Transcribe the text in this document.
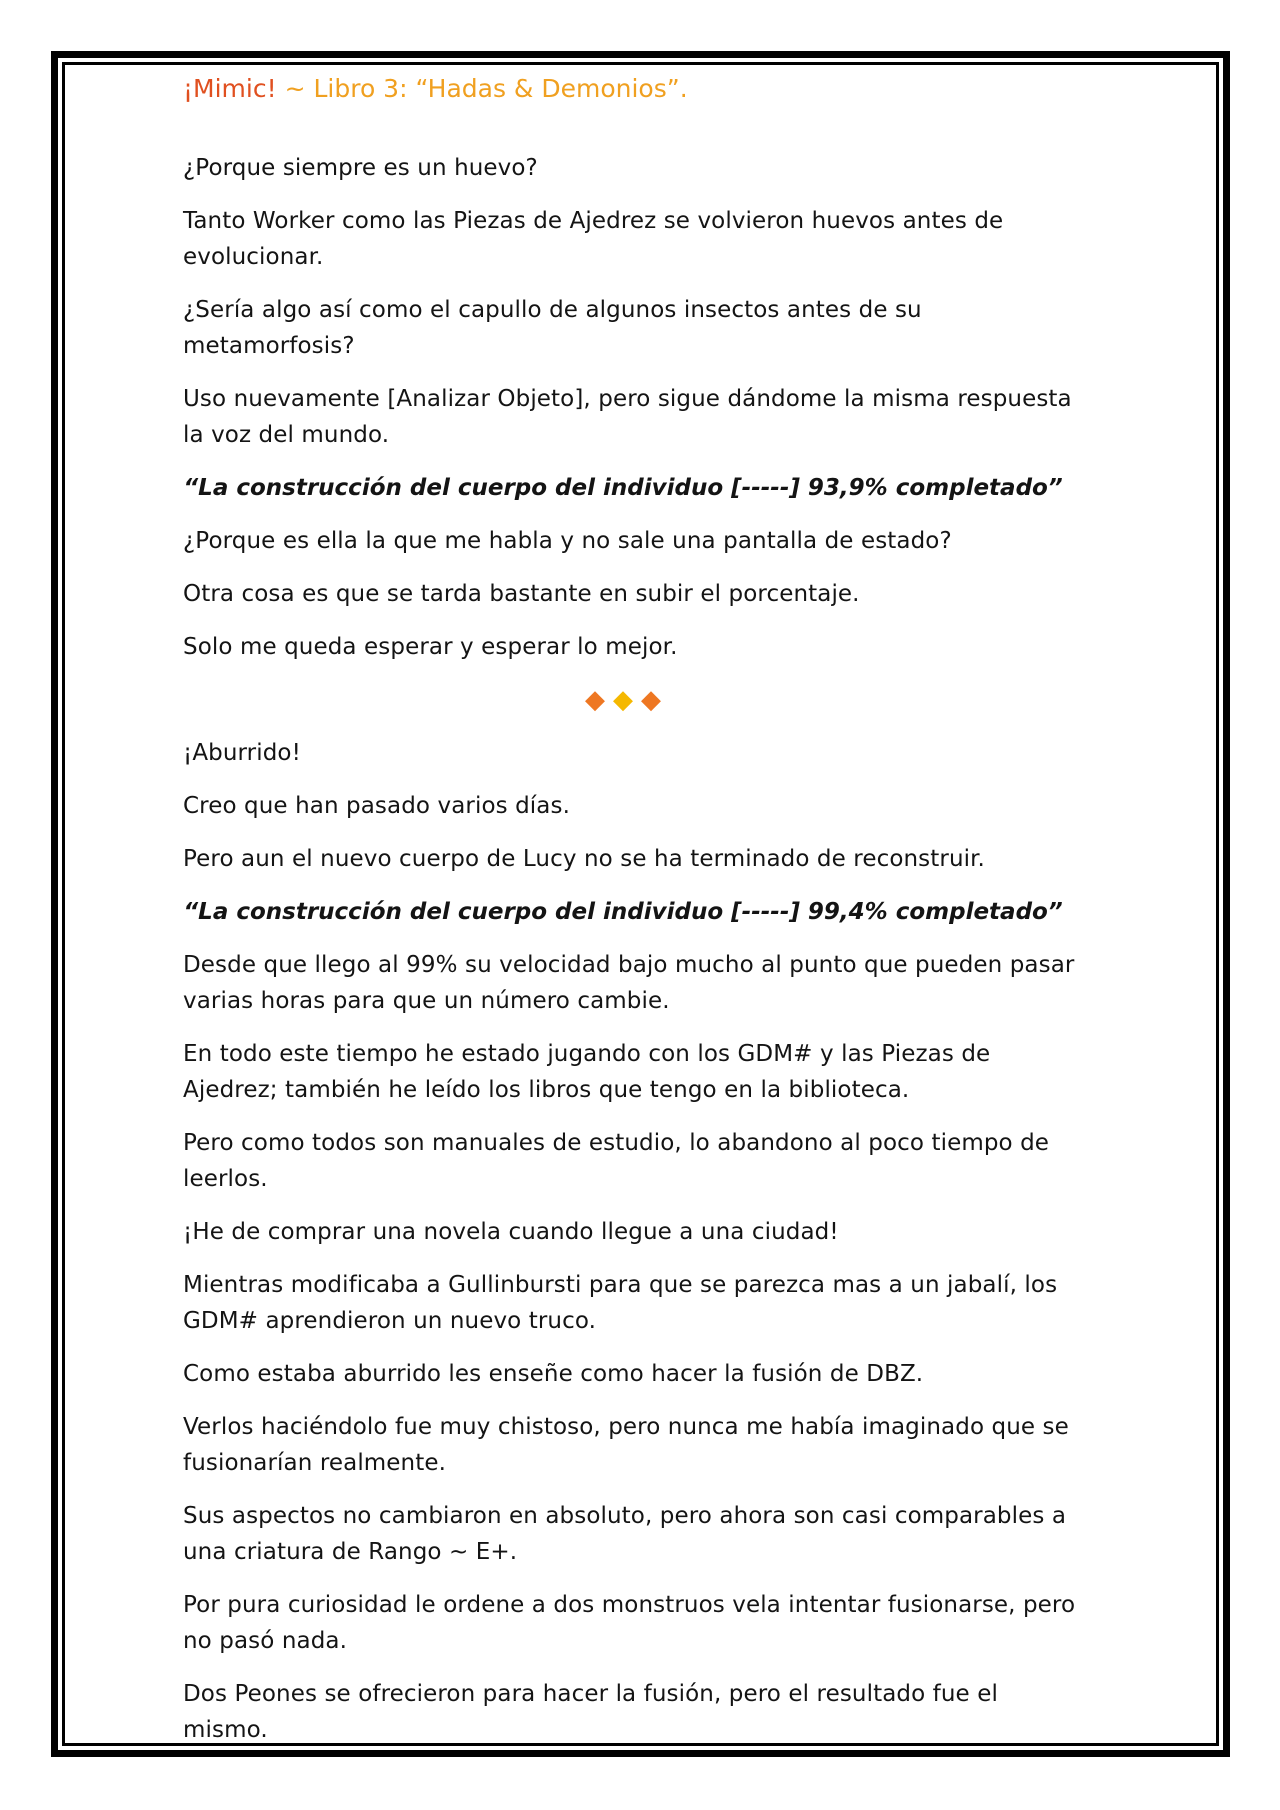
¡Mimic! ~ Libro 3: “Hadas & Demonios”.

¿Porque siempre es un huevo?

Tanto Worker como las Piezas de Ajedrez se volvieron huevos antes de evolucionar.

¿Sería algo así como el capullo de algunos insectos antes de su metamorfosis?

Uso nuevamente [Analizar Objeto], pero sigue dándome la misma respuesta la voz del mundo.

“La construcción del cuerpo del individuo [-----] 93,9% completado”

¿Porque es ella la que me habla y no sale una pantalla de estado?

Otra cosa es que se tarda bastante en subir el porcentaje.

Solo me queda esperar y esperar lo mejor.

◆ ◆ ◆

¡Aburrido!

Creo que han pasado varios días.

Pero aun el nuevo cuerpo de Lucy no se ha terminado de reconstruir.

“La construcción del cuerpo del individuo [-----] 99,4% completado”

Desde que llego al 99% su velocidad bajo mucho al punto que pueden pasar varias horas para que un número cambie.

En todo este tiempo he estado jugando con los GDM# y las Piezas de Ajedrez; también he leído los libros que tengo en la biblioteca.

Pero como todos son manuales de estudio, lo abandono al poco tiempo de leerlos.

¡He de comprar una novela cuando llegue a una ciudad!

Mientras modificaba a Gullinbursti para que se parezca mas a un jabalí, los GDM# aprendieron un nuevo truco.

Como estaba aburrido les enseñe como hacer la fusión de DBZ.

Verlos haciéndolo fue muy chistoso, pero nunca me había imaginado que se fusionarían realmente.

Sus aspectos no cambiaron en absoluto, pero ahora son casi comparables a una criatura de Rango ~ E+.

Por pura curiosidad le ordene a dos monstruos vela intentar fusionarse, pero no pasó nada.

Dos Peones se ofrecieron para hacer la fusión, pero el resultado fue el mismo.
